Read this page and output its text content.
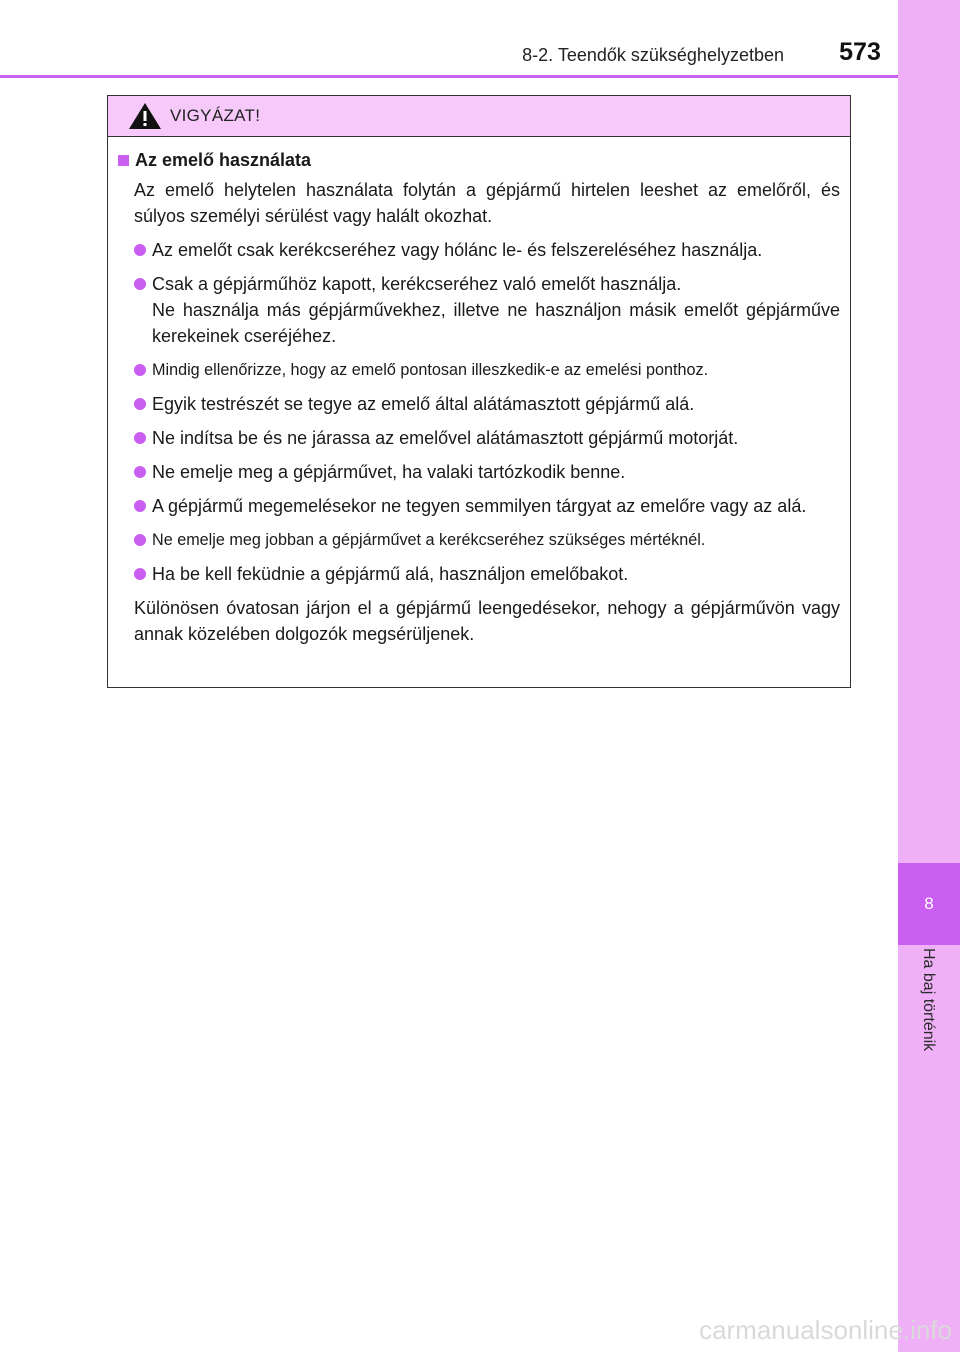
8
Ha baj történik
8-2. Teendők szükséghelyzetben	573
VIGYÁZAT!
Az emelő használata
Az emelő helytelen használata folytán a gépjármű hirtelen leeshet az emelőről, és súlyos személyi sérülést vagy halált okozhat.
Az emelőt csak kerékcseréhez vagy hólánc le- és felszereléséhez használja.
Csak a gépjárműhöz kapott, kerékcseréhez való emelőt használja.
Ne használja más gépjárművekhez, illetve ne használjon másik emelőt gépjárműve kerekeinek cseréjéhez.
Mindig ellenőrizze, hogy az emelő pontosan illeszkedik-e az emelési ponthoz.
Egyik testrészét se tegye az emelő által alátámasztott gépjármű alá.
Ne indítsa be és ne járassa az emelővel alátámasztott gépjármű motorját.
Ne emelje meg a gépjárművet, ha valaki tartózkodik benne.
A gépjármű megemelésekor ne tegyen semmilyen tárgyat az emelőre vagy az alá.
Ne emelje meg jobban a gépjárművet a kerékcseréhez szükséges mértéknél.
Ha be kell feküdnie a gépjármű alá, használjon emelőbakot.
Különösen óvatosan járjon el a gépjármű leengedésekor, nehogy a gépjárművön vagy annak közelében dolgozók megsérüljenek.
carmanualsonline.info
